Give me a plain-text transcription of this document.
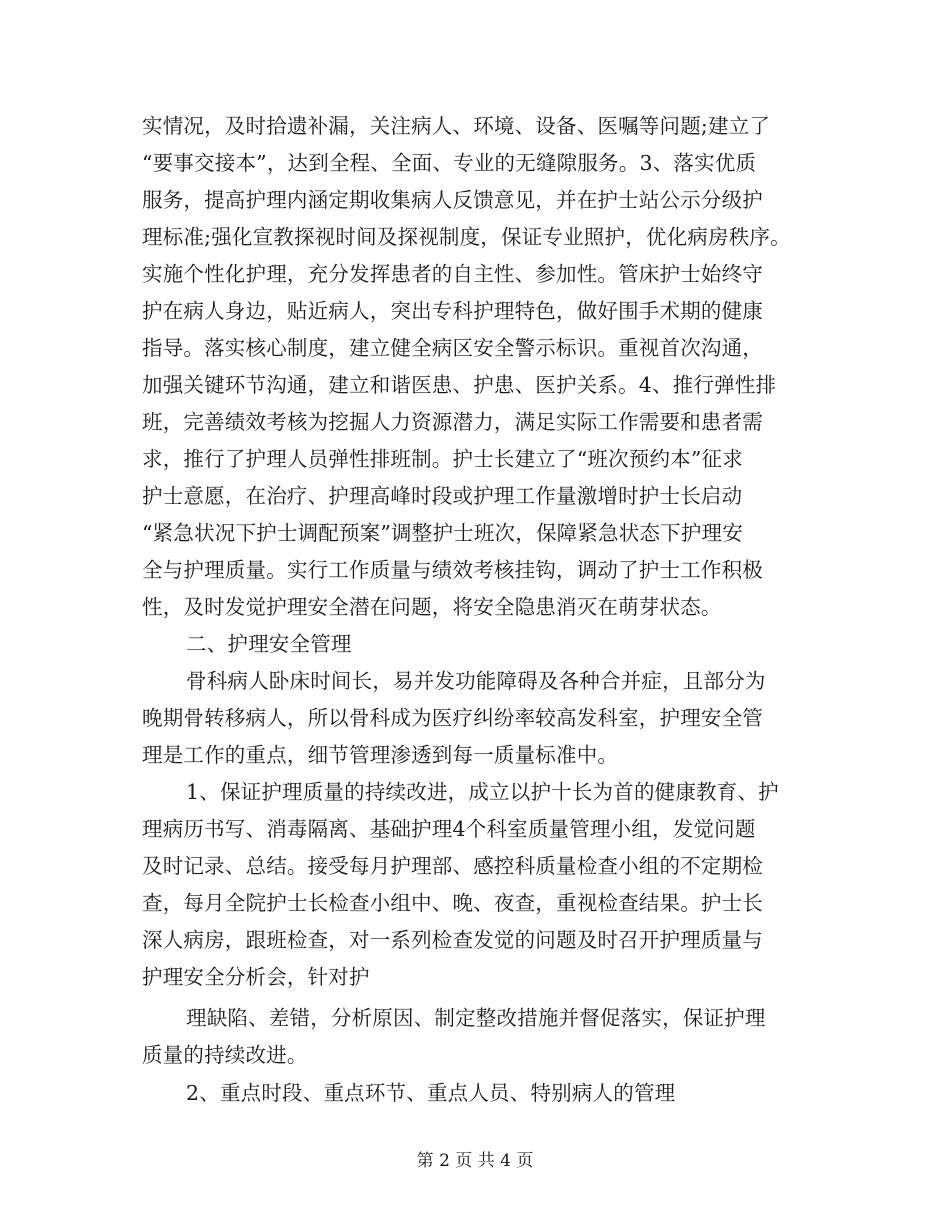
实情况，及时拾遗补漏，关注病人、环境、设备、医嘱等问题;建立了
“要事交接本”，达到全程、全面、专业的无缝隙服务。3、落实优质
服务，提高护理内涵定期收集病人反馈意见，并在护士站公示分级护
理标准;强化宣教探视时间及探视制度，保证专业照护，优化病房秩序。
实施个性化护理，充分发挥患者的自主性、参加性。管床护士始终守
护在病人身边，贴近病人，突出专科护理特色，做好围手术期的健康
指导。落实核心制度，建立健全病区安全警示标识。重视首次沟通，
加强关键环节沟通，建立和谐医患、护患、医护关系。4、推行弹性排
班，完善绩效考核为挖掘人力资源潜力，满足实际工作需要和患者需
求，推行了护理人员弹性排班制。护士长建立了“班次预约本”征求
护士意愿，在治疗、护理高峰时段或护理工作量激增时护士长启动
“紧急状况下护士调配预案”调整护士班次，保障紧急状态下护理安
全与护理质量。实行工作质量与绩效考核挂钩，调动了护士工作积极
性，及时发觉护理安全潜在问题，将安全隐患消灭在萌芽状态。
二、护理安全管理
骨科病人卧床时间长，易并发功能障碍及各种合并症，且部分为
晚期骨转移病人，所以骨科成为医疗纠纷率较高发科室，护理安全管
理是工作的重点，细节管理渗透到每一质量标准中。
1、保证护理质量的持续改进，成立以护十长为首的健康教育、护
理病历书写、消毒隔离、基础护理4个科室质量管理小组，发觉问题
及时记录、总结。接受每月护理部、感控科质量检查小组的不定期检
查，每月全院护士长检查小组中、晚、夜查，重视检查结果。护士长
深人病房，跟班检查，对一系列检查发觉的问题及时召开护理质量与
护理安全分析会，针对护
理缺陷、差错，分析原因、制定整改措施并督促落实，保证护理
质量的持续改进。
2、重点时段、重点环节、重点人员、特别病人的管理
第 2 页 共 4 页
